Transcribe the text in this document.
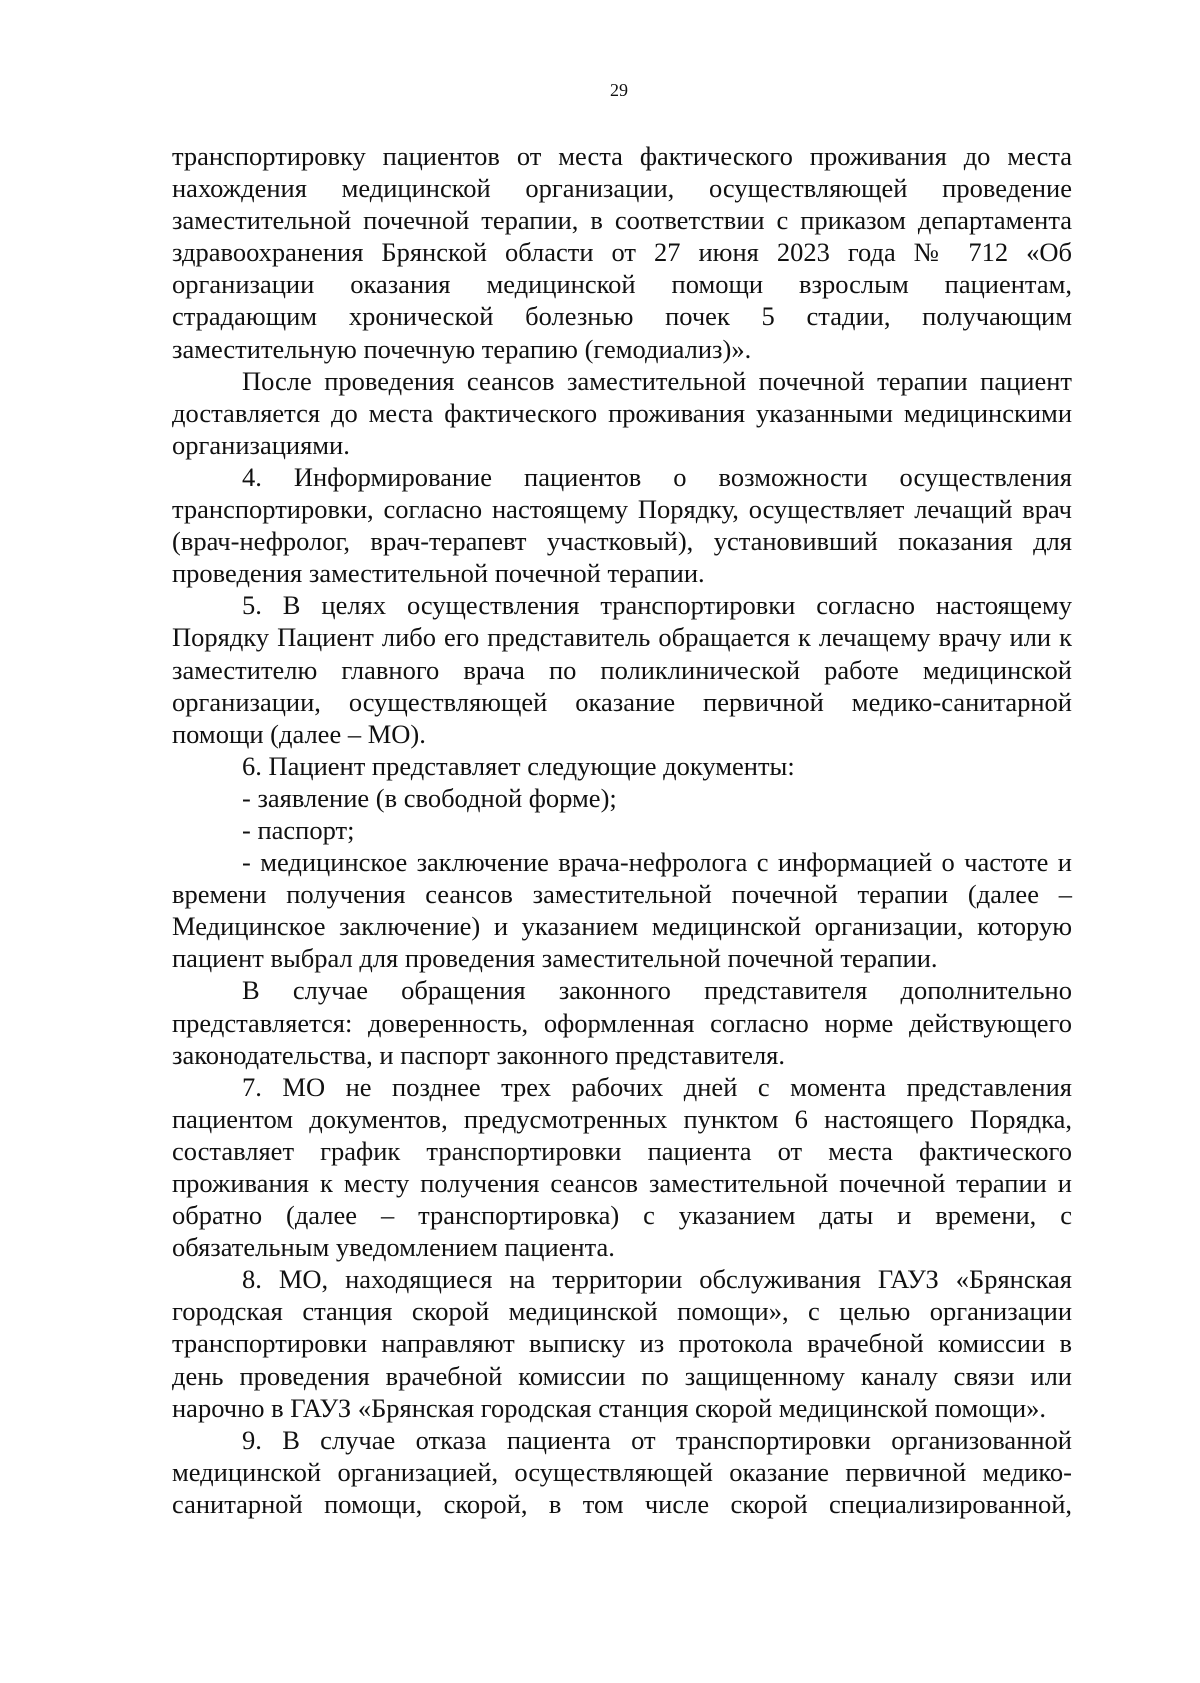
29

транспортировку пациентов от места фактического проживания до места нахождения медицинской организации, осуществляющей проведение заместительной почечной терапии, в соответствии с приказом департамента здравоохранения Брянской области от 27 июня 2023 года № 712 «Об организации оказания медицинской помощи взрослым пациентам, страдающим хронической болезнью почек 5 стадии, получающим заместительную почечную терапию (гемодиализ)».

После проведения сеансов заместительной почечной терапии пациент доставляется до места фактического проживания указанными медицинскими организациями.

4. Информирование пациентов о возможности осуществления транспортировки, согласно настоящему Порядку, осуществляет лечащий врач (врач-нефролог, врач-терапевт участковый), установивший показания для проведения заместительной почечной терапии.

5. В целях осуществления транспортировки согласно настоящему Порядку Пациент либо его представитель обращается к лечащему врачу или к заместителю главного врача по поликлинической работе медицинской организации, осуществляющей оказание первичной медико-санитарной помощи (далее – МО).

6. Пациент представляет следующие документы:

- заявление (в свободной форме);

- паспорт;

- медицинское заключение врача-нефролога с информацией о частоте и времени получения сеансов заместительной почечной терапии (далее – Медицинское заключение) и указанием медицинской организации, которую пациент выбрал для проведения заместительной почечной терапии.

В случае обращения законного представителя дополнительно представляется: доверенность, оформленная согласно норме действующего законодательства, и паспорт законного представителя.

7. МО не позднее трех рабочих дней с момента представления пациентом документов, предусмотренных пунктом 6 настоящего Порядка, составляет график транспортировки пациента от места фактического проживания к месту получения сеансов заместительной почечной терапии и обратно (далее – транспортировка) с указанием даты и времени, с обязательным уведомлением пациента.

8. МО, находящиеся на территории обслуживания ГАУЗ «Брянская городская станция скорой медицинской помощи», с целью организации транспортировки направляют выписку из протокола врачебной комиссии в день проведения врачебной комиссии по защищенному каналу связи или нарочно в ГАУЗ «Брянская городская станция скорой медицинской помощи».

9. В случае отказа пациента от транспортировки организованной медицинской организацией, осуществляющей оказание первичной медико-санитарной помощи, скорой, в том числе скорой специализированной,
